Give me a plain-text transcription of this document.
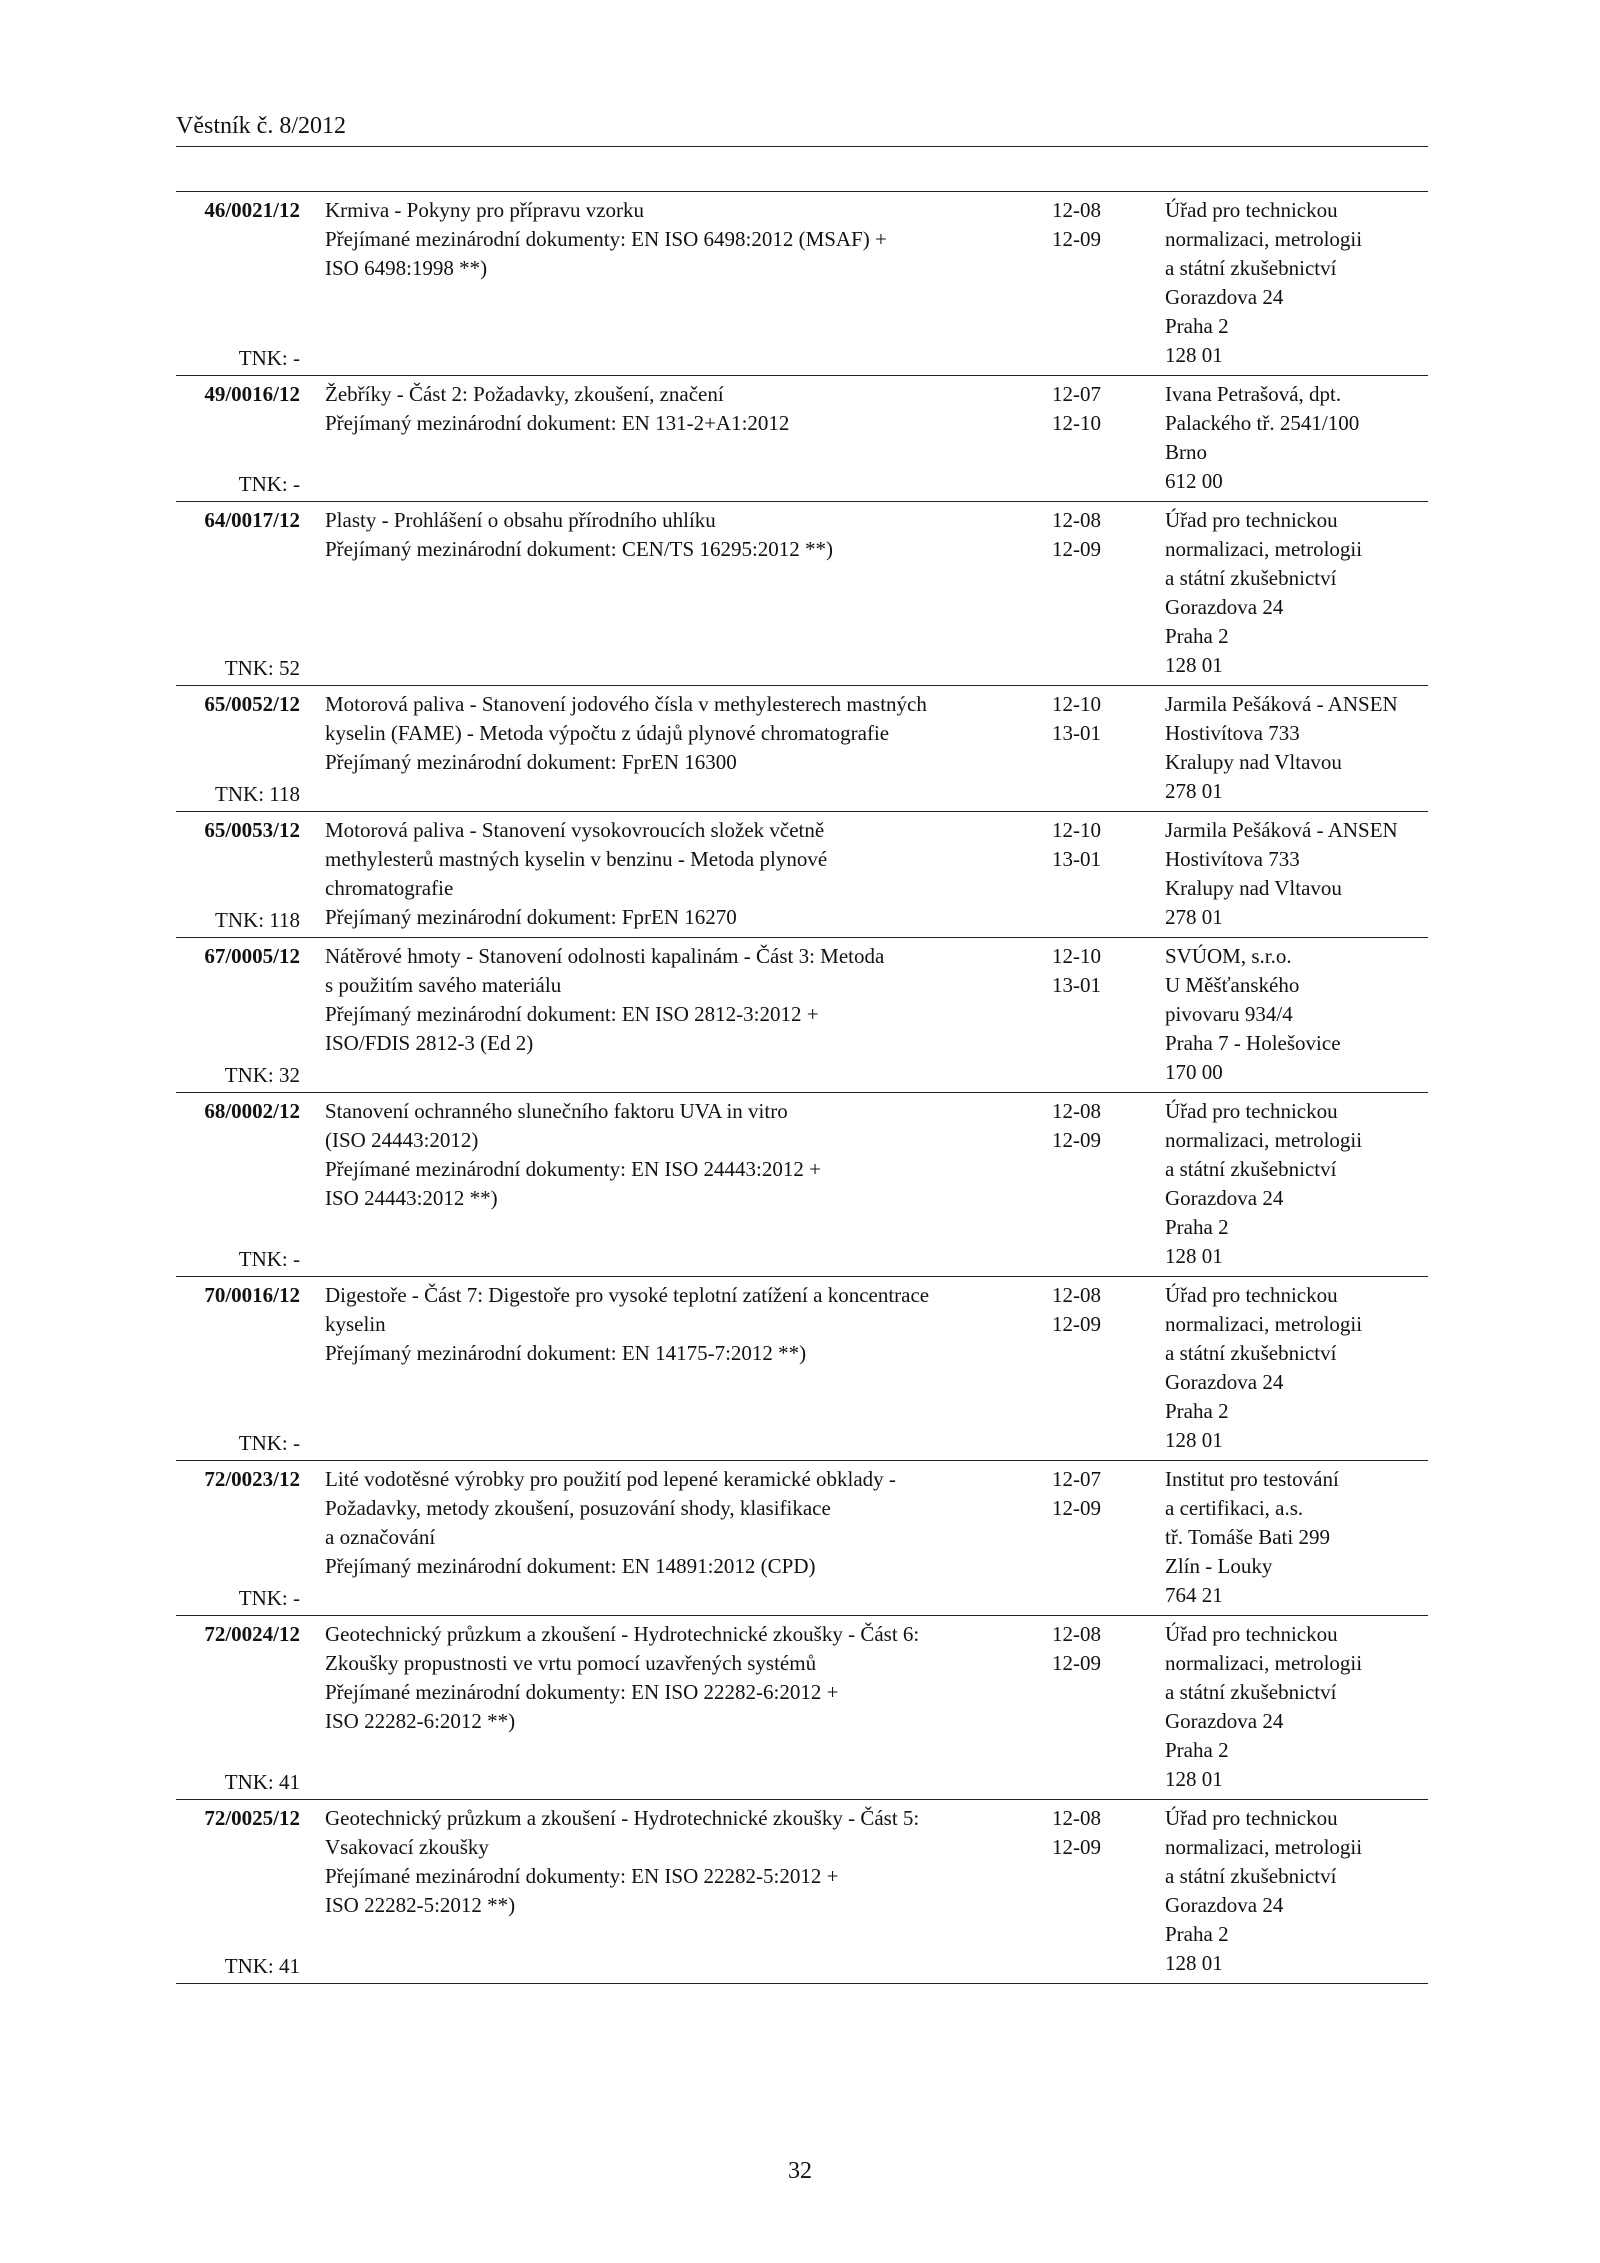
Věstník č. 8/2012
46/0021/12
TNK: -
Krmiva - Pokyny pro přípravu vzorku
Přejímané mezinárodní dokumenty: EN ISO 6498:2012 (MSAF) +
ISO 6498:1998 **)
12-08
12-09
Úřad pro technickou
normalizaci, metrologii
a státní zkušebnictví
Gorazdova 24
Praha 2
128 01
49/0016/12
TNK: -
Žebříky - Část 2: Požadavky, zkoušení, značení
Přejímaný mezinárodní dokument: EN 131-2+A1:2012
12-07
12-10
Ivana Petrašová, dpt.
Palackého tř. 2541/100
Brno
612 00
64/0017/12
TNK: 52
Plasty - Prohlášení o obsahu přírodního uhlíku
Přejímaný mezinárodní dokument: CEN/TS 16295:2012 **)
12-08
12-09
Úřad pro technickou
normalizaci, metrologii
a státní zkušebnictví
Gorazdova 24
Praha 2
128 01
65/0052/12
TNK: 118
Motorová paliva - Stanovení jodového čísla v methylesterech mastných
kyselin (FAME) - Metoda výpočtu z údajů plynové chromatografie
Přejímaný mezinárodní dokument: FprEN 16300
12-10
13-01
Jarmila Pešáková - ANSEN
Hostivítova 733
Kralupy nad Vltavou
278 01
65/0053/12
TNK: 118
Motorová paliva - Stanovení vysokovroucích složek včetně
methylesterů mastných kyselin v benzinu - Metoda plynové
chromatografie
Přejímaný mezinárodní dokument: FprEN 16270
12-10
13-01
Jarmila Pešáková - ANSEN
Hostivítova 733
Kralupy nad Vltavou
278 01
67/0005/12
TNK: 32
Nátěrové hmoty - Stanovení odolnosti kapalinám - Část 3: Metoda
s použitím savého materiálu
Přejímaný mezinárodní dokument: EN ISO 2812-3:2012 +
ISO/FDIS 2812-3 (Ed 2)
12-10
13-01
SVÚOM, s.r.o.
U Měšťanského
pivovaru 934/4
Praha 7 - Holešovice
170 00
68/0002/12
TNK: -
Stanovení ochranného slunečního faktoru UVA in vitro
(ISO 24443:2012)
Přejímané mezinárodní dokumenty: EN ISO 24443:2012 +
ISO 24443:2012 **)
12-08
12-09
Úřad pro technickou
normalizaci, metrologii
a státní zkušebnictví
Gorazdova 24
Praha 2
128 01
70/0016/12
TNK: -
Digestoře - Část 7: Digestoře pro vysoké teplotní zatížení a koncentrace
kyselin
Přejímaný mezinárodní dokument: EN 14175-7:2012 **)
12-08
12-09
Úřad pro technickou
normalizaci, metrologii
a státní zkušebnictví
Gorazdova 24
Praha 2
128 01
72/0023/12
TNK: -
Lité vodotěsné výrobky pro použití pod lepené keramické obklady -
Požadavky, metody zkoušení, posuzování shody, klasifikace
a označování
Přejímaný mezinárodní dokument: EN 14891:2012 (CPD)
12-07
12-09
Institut pro testování
a certifikaci, a.s.
tř. Tomáše Bati 299
Zlín - Louky
764 21
72/0024/12
TNK: 41
Geotechnický průzkum a zkoušení - Hydrotechnické zkoušky - Část 6:
Zkoušky propustnosti ve vrtu pomocí uzavřených systémů
Přejímané mezinárodní dokumenty: EN ISO 22282-6:2012 +
ISO 22282-6:2012 **)
12-08
12-09
Úřad pro technickou
normalizaci, metrologii
a státní zkušebnictví
Gorazdova 24
Praha 2
128 01
72/0025/12
TNK: 41
Geotechnický průzkum a zkoušení - Hydrotechnické zkoušky - Část 5:
Vsakovací zkoušky
Přejímané mezinárodní dokumenty: EN ISO 22282-5:2012 +
ISO 22282-5:2012 **)
12-08
12-09
Úřad pro technickou
normalizaci, metrologii
a státní zkušebnictví
Gorazdova 24
Praha 2
128 01
32
